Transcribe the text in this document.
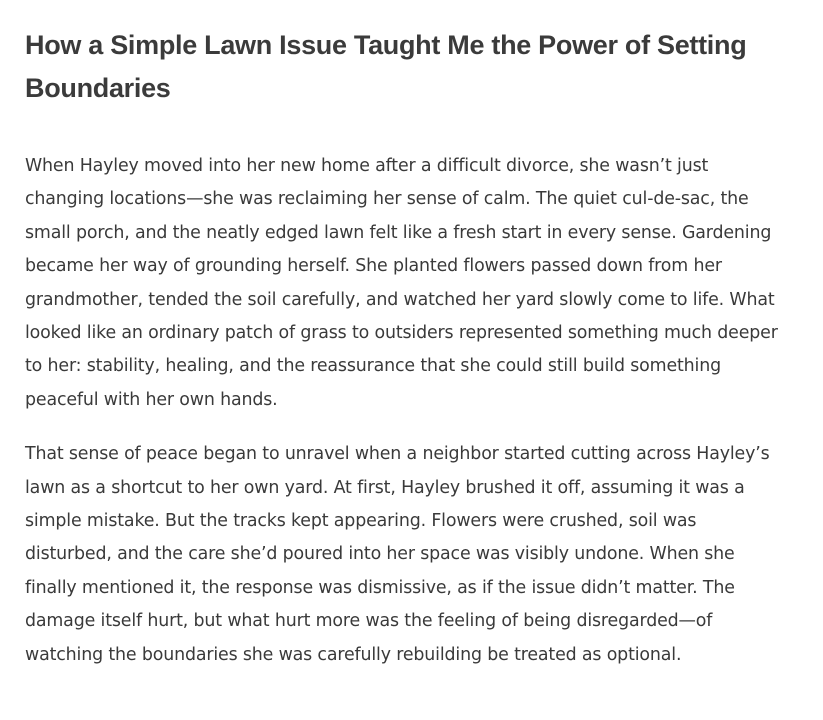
How a Simple Lawn Issue Taught Me the Power of Setting Boundaries

When Hayley moved into her new home after a difficult divorce, she wasn’t just changing locations—she was reclaiming her sense of calm. The quiet cul-de-sac, the small porch, and the neatly edged lawn felt like a fresh start in every sense. Gardening became her way of grounding herself. She planted flowers passed down from her grandmother, tended the soil carefully, and watched her yard slowly come to life. What looked like an ordinary patch of grass to outsiders represented something much deeper to her: stability, healing, and the reassurance that she could still build something peaceful with her own hands.

That sense of peace began to unravel when a neighbor started cutting across Hayley’s lawn as a shortcut to her own yard. At first, Hayley brushed it off, assuming it was a simple mistake. But the tracks kept appearing. Flowers were crushed, soil was disturbed, and the care she’d poured into her space was visibly undone. When she finally mentioned it, the response was dismissive, as if the issue didn’t matter. The damage itself hurt, but what hurt more was the feeling of being disregarded—of watching the boundaries she was carefully rebuilding be treated as optional.
